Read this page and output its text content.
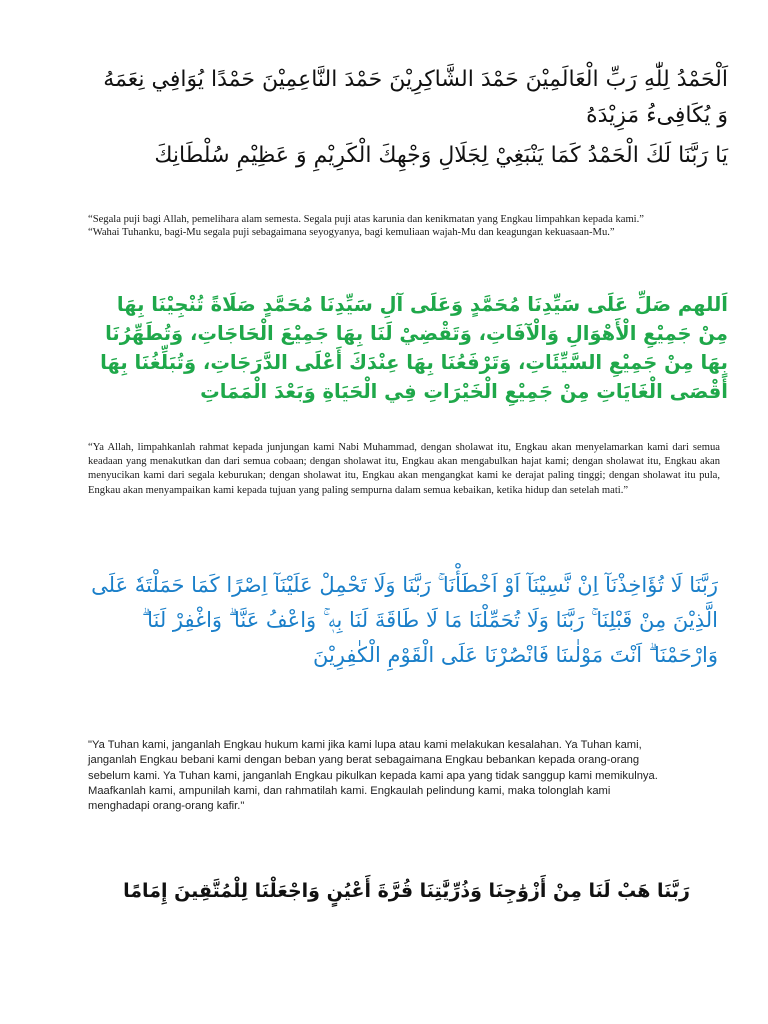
اَلْحَمْدُ لِلّٰهِ رَبِّ الْعَالَمِيْنَ حَمْدَ الشَّاكِرِيْنَ حَمْدَ النَّاعِمِيْنَ حَمْدًا يُوَافِي نِعَمَهُ وَ يُكَافِىءُ مَزِيْدَهُ

يَا رَبَّنَا لَكَ الْحَمْدُ كَمَا يَنْبَغِيْ لِجَلَالِ وَجْهِكَ الْكَرِيْمِ وَ عَظِيْمِ سُلْطَانِكَ

“Segala puji bagi Allah, pemelihara alam semesta. Segala puji atas karunia dan kenikmatan yang Engkau limpahkan kepada kami.”

“Wahai Tuhanku, bagi-Mu segala puji sebagaimana seyogyanya, bagi kemuliaan wajah-Mu dan keagungan kekuasaan-Mu.”

اَللهم صَلِّ عَلَى سَيِّدِنَا مُحَمَّدٍ وَعَلَى آلِ سَيِّدِنَا مُحَمَّدٍ صَلَاةً تُنْجِيْنَا بِهَا مِنْ جَمِيْعِ الْأَهْوَالِ وَالْآفَاتِ، وَتَقْضِيْ لَنَا بِهَا جَمِيْعَ الْحَاجَاتِ، وَتُطَهِّرُنَا بِهَا مِنْ جَمِيْعِ السَّيِّئَاتِ، وَتَرْفَعُنَا بِهَا عِنْدَكَ أَعْلَى الدَّرَجَاتِ، وَتُبَلِّغُنَا بِهَا أَقْصَى الْغَايَاتِ مِنْ جَمِيْعِ الْخَيْرَاتِ فِي الْحَيَاةِ وَبَعْدَ الْمَمَاتِ

“Ya Allah, limpahkanlah rahmat kepada junjungan kami Nabi Muhammad, dengan sholawat itu, Engkau akan menyelamarkan kami dari semua keadaan yang menakutkan dan dari semua cobaan; dengan sholawat itu, Engkau akan mengabulkan hajat kami; dengan sholawat itu, Engkau akan menyucikan kami dari segala keburukan; dengan sholawat itu, Engkau akan mengangkat kami ke derajat paling tinggi; dengan sholawat itu pula, Engkau akan menyampaikan kami kepada tujuan yang paling sempurna dalam semua kebaikan, ketika hidup dan setelah mati.”

رَبَّنَا لَا تُؤَاخِذْنَآ اِنْ نَّسِيْنَآ اَوْ اَخْطَأْنَا ۚ رَبَّنَا وَلَا تَحْمِلْ عَلَيْنَآ اِصْرًا كَمَا حَمَلْتَهٗ عَلَى الَّذِيْنَ مِنْ قَبْلِنَا ۚ رَبَّنَا وَلَا تُحَمِّلْنَا مَا لَا طَاقَةَ لَنَا بِهٖ ۚ وَاعْفُ عَنَّا ۗ وَاغْفِرْ لَنَا ۗ وَارْحَمْنَا ۗ اَنْتَ مَوْلٰىنَا فَانْصُرْنَا عَلَى الْقَوْمِ الْكٰفِرِيْنَ

"Ya Tuhan kami, janganlah Engkau hukum kami jika kami lupa atau kami melakukan kesalahan. Ya Tuhan kami, janganlah Engkau bebani kami dengan beban yang berat sebagaimana Engkau bebankan kepada orang-orang sebelum kami. Ya Tuhan kami, janganlah Engkau pikulkan kepada kami apa yang tidak sanggup kami memikulnya. Maafkanlah kami, ampunilah kami, dan rahmatilah kami. Engkaulah pelindung kami, maka tolonglah kami menghadapi orang-orang kafir."

رَبَّنَا هَبْ لَنَا مِنْ أَزْوَٰجِنَا وَذُرِّيَّٰتِنَا قُرَّةَ أَعْيُنٍ وَاجْعَلْنَا لِلْمُتَّقِينَ إِمَامًا
